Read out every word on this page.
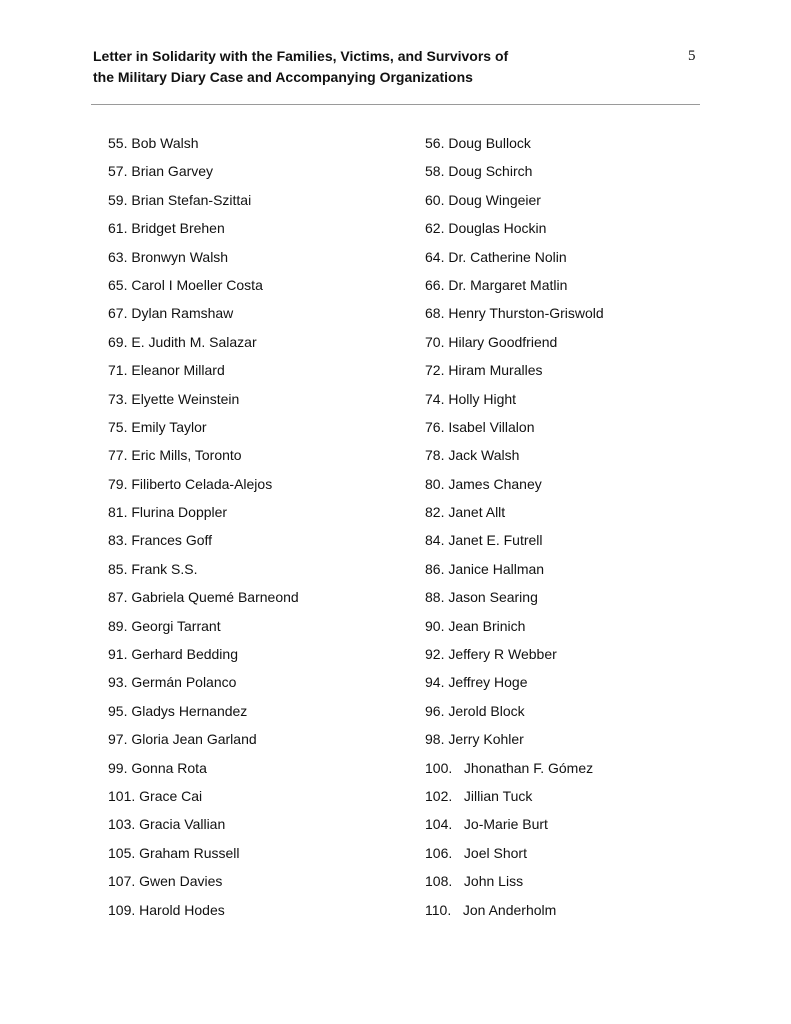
Letter in Solidarity with the Families, Victims, and Survivors of
the Military Diary Case and Accompanying Organizations
5
55. Bob Walsh
57. Brian Garvey
59. Brian Stefan-Szittai
61. Bridget Brehen
63. Bronwyn Walsh
65. Carol I Moeller Costa
67. Dylan Ramshaw
69. E. Judith M. Salazar
71. Eleanor Millard
73. Elyette Weinstein
75. Emily Taylor
77. Eric Mills, Toronto
79. Filiberto Celada-Alejos
81. Flurina Doppler
83. Frances Goff
85. Frank S.S.
87. Gabriela Quemé Barneond
89. Georgi Tarrant
91. Gerhard Bedding
93. Germán Polanco
95. Gladys Hernandez
97. Gloria Jean Garland
99. Gonna Rota
101. Grace Cai
103. Gracia Vallian
105. Graham Russell
107. Gwen Davies
109. Harold Hodes
56. Doug Bullock
58. Doug Schirch
60. Doug Wingeier
62. Douglas Hockin
64. Dr. Catherine Nolin
66. Dr. Margaret Matlin
68. Henry Thurston-Griswold
70. Hilary Goodfriend
72. Hiram Muralles
74. Holly Hight
76. Isabel Villalon
78. Jack Walsh
80. James Chaney
82. Janet Allt
84. Janet E. Futrell
86. Janice Hallman
88. Jason Searing
90. Jean Brinich
92. Jeffery R Webber
94. Jeffrey Hoge
96. Jerold Block
98. Jerry Kohler
100.   Jhonathan F. Gómez
102.   Jillian Tuck
104.   Jo-Marie Burt
106.   Joel Short
108.   John Liss
110.   Jon Anderholm
